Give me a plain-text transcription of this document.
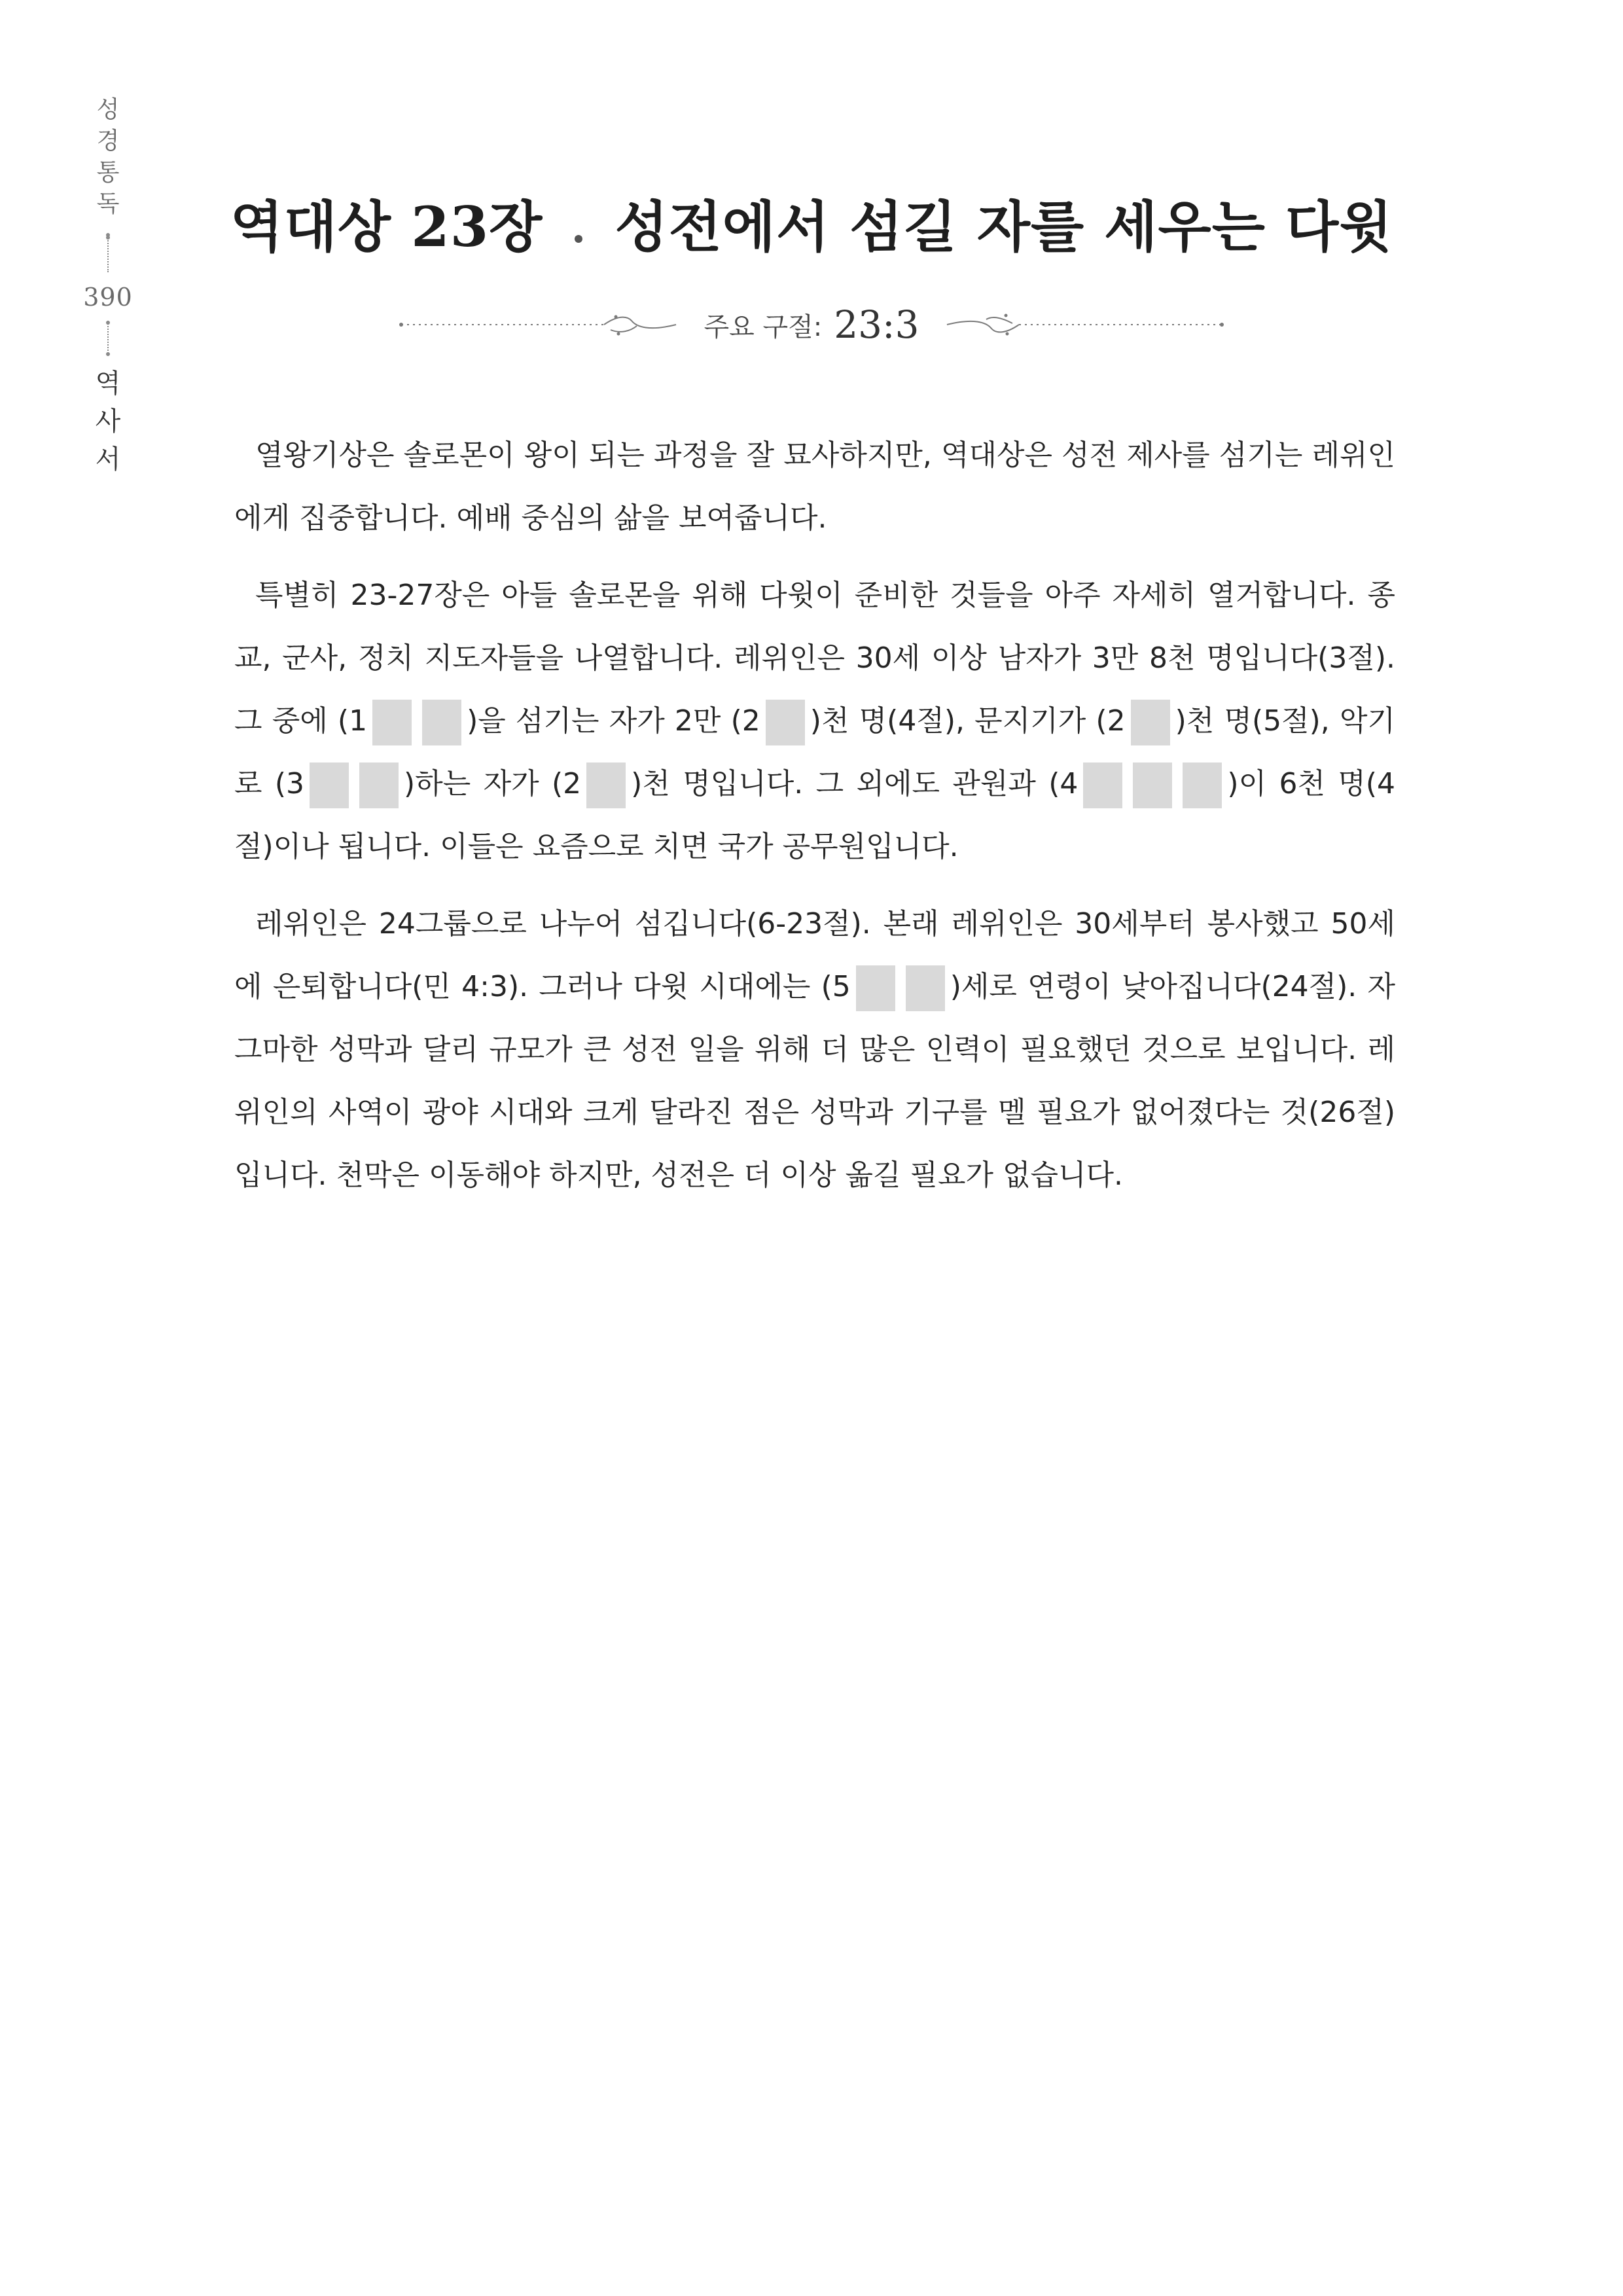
성
경
통
독
390
역
사
서
역대상 23장 성전에서 섬길 자를 세우는 다윗
주요 구절: 23:3

열왕기상은 솔로몬이 왕이 되는 과정을 잘 묘사하지만, 역대상은 성전 제사를 섬기는 레위인에게 집중합니다. 예배 중심의 삶을 보여줍니다.

특별히 23-27장은 아들 솔로몬을 위해 다윗이 준비한 것들을 아주 자세히 열거합니다. 종교, 군사, 정치 지도자들을 나열합니다. 레위인은 30세 이상 남자가 3만 8천 명입니다(3절). 그 중에 (1	)을 섬기는 자가 2만 (2 )천 명(4절), 문지기가 (2 )천 명(5절), 악기로 (3	)하는 자가 (2 )천 명입니다. 그 외에도 관원과 (4	)이 6천 명(4절)이나 됩니다. 이들은 요즘으로 치면 국가 공무원입니다.

레위인은 24그룹으로 나누어 섬깁니다(6-23절). 본래 레위인은 30세부터 봉사했고 50세에 은퇴합니다(민 4:3). 그러나 다윗 시대에는 (5	)세로 연령이 낮아집니다(24절). 자그마한 성막과 달리 규모가 큰 성전 일을 위해 더 많은 인력이 필요했던 것으로 보입니다. 레위인의 사역이 광야 시대와 크게 달라진 점은 성막과 기구를 멜 필요가 없어졌다는 것(26절)입니다. 천막은 이동해야 하지만, 성전은 더 이상 옮길 필요가 없습니다.
